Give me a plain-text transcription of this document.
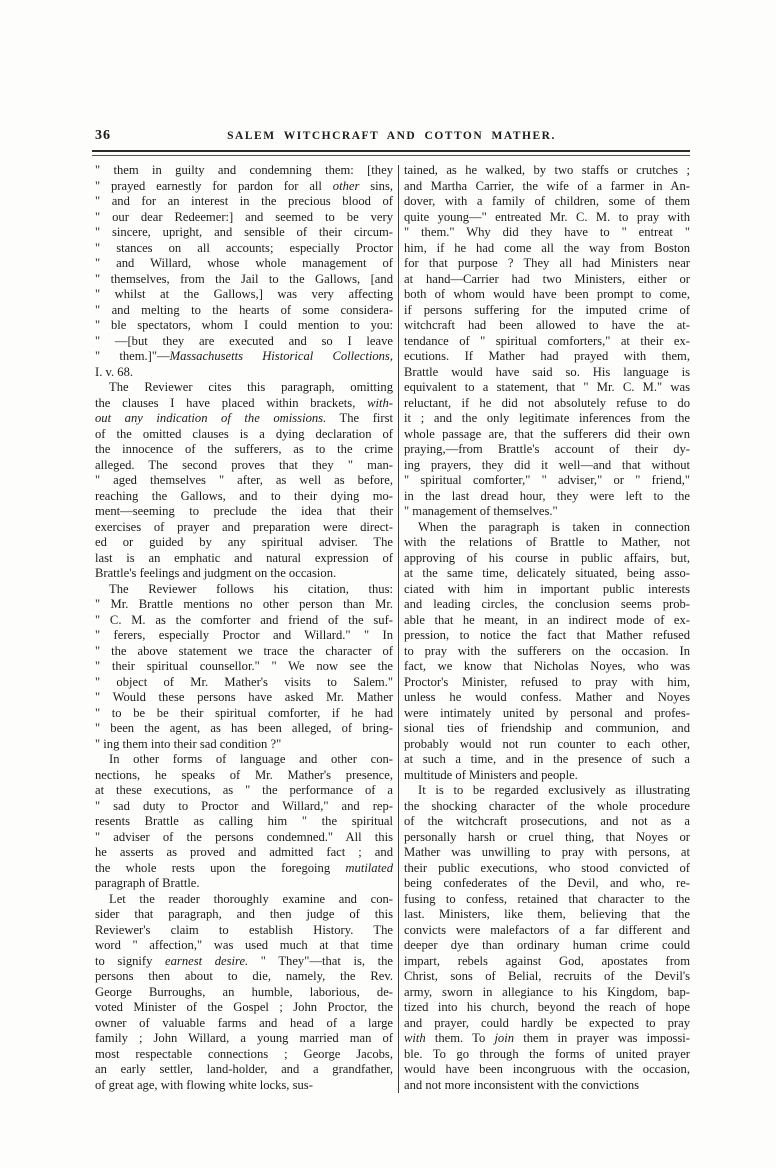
36	SALEM WITCHCRAFT AND COTTON MATHER.
" them in guilty and condemning them: [they
" prayed earnestly for pardon for all other sins,
" and for an interest in the precious blood of
" our dear Redeemer:] and seemed to be very
" sincere, upright, and sensible of their circum-
" stances on all accounts; especially Proctor
" and Willard, whose whole management of
" themselves, from the Jail to the Gallows, [and
" whilst at the Gallows,] was very affecting
" and melting to the hearts of some considera-
" ble spectators, whom I could mention to you:
" —[but they are executed and so I leave
" them.]"—Massachusetts Historical Collections,
I. v. 68.
The Reviewer cites this paragraph, omitting
the clauses I have placed within brackets, with-
out any indication of the omissions. The first
of the omitted clauses is a dying declaration of
the innocence of the sufferers, as to the crime
alleged. The second proves that they " man-
" aged themselves " after, as well as before,
reaching the Gallows, and to their dying mo-
ment—seeming to preclude the idea that their
exercises of prayer and preparation were direct-
ed or guided by any spiritual adviser. The
last is an emphatic and natural expression of
Brattle's feelings and judgment on the occasion.
The Reviewer follows his citation, thus:
" Mr. Brattle mentions no other person than Mr.
" C. M. as the comforter and friend of the suf-
" ferers, especially Proctor and Willard." " In
" the above statement we trace the character of
" their spiritual counsellor." " We now see the
" object of Mr. Mather's visits to Salem."
" Would these persons have asked Mr. Mather
" to be be their spiritual comforter, if he had
" been the agent, as has been alleged, of bring-
" ing them into their sad condition ?"
In other forms of language and other con-
nections, he speaks of Mr. Mather's presence,
at these executions, as " the performance of a
" sad duty to Proctor and Willard," and rep-
resents Brattle as calling him " the spiritual
" adviser of the persons condemned." All this
he asserts as proved and admitted fact ; and
the whole rests upon the foregoing mutilated
paragraph of Brattle.
Let the reader thoroughly examine and con-
sider that paragraph, and then judge of this
Reviewer's claim to establish History. The
word " affection," was used much at that time
to signify earnest desire. " They"—that is, the
persons then about to die, namely, the Rev.
George Burroughs, an humble, laborious, de-
voted Minister of the Gospel ; John Proctor, the
owner of valuable farms and head of a large
family ; John Willard, a young married man of
most respectable connections ; George Jacobs,
an early settler, land-holder, and a grandfather,
of great age, with flowing white locks, sus-
tained, as he walked, by two staffs or crutches ;
and Martha Carrier, the wife of a farmer in An-
dover, with a family of children, some of them
quite young—" entreated Mr. C. M. to pray with
" them." Why did they have to " entreat "
him, if he had come all the way from Boston
for that purpose ? They all had Ministers near
at hand—Carrier had two Ministers, either or
both of whom would have been prompt to come,
if persons suffering for the imputed crime of
witchcraft had been allowed to have the at-
tendance of " spiritual comforters," at their ex-
ecutions. If Mather had prayed with them,
Brattle would have said so. His language is
equivalent to a statement, that " Mr. C. M." was
reluctant, if he did not absolutely refuse to do
it ; and the only legitimate inferences from the
whole passage are, that the sufferers did their own
praying,—from Brattle's account of their dy-
ing prayers, they did it well—and that without
" spiritual comforter," " adviser," or " friend,"
in the last dread hour, they were left to the
" management of themselves."
When the paragraph is taken in connection
with the relations of Brattle to Mather, not
approving of his course in public affairs, but,
at the same time, delicately situated, being asso-
ciated with him in important public interests
and leading circles, the conclusion seems prob-
able that he meant, in an indirect mode of ex-
pression, to notice the fact that Mather refused
to pray with the sufferers on the occasion. In
fact, we know that Nicholas Noyes, who was
Proctor's Minister, refused to pray with him,
unless he would confess. Mather and Noyes
were intimately united by personal and profes-
sional ties of friendship and communion, and
probably would not run counter to each other,
at such a time, and in the presence of such a
multitude of Ministers and people.
It is to be regarded exclusively as illustrating
the shocking character of the whole procedure
of the witchcraft prosecutions, and not as a
personally harsh or cruel thing, that Noyes or
Mather was unwilling to pray with persons, at
their public executions, who stood convicted of
being confederates of the Devil, and who, re-
fusing to confess, retained that character to the
last. Ministers, like them, believing that the
convicts were malefactors of a far different and
deeper dye than ordinary human crime could
impart, rebels against God, apostates from
Christ, sons of Belial, recruits of the Devil's
army, sworn in allegiance to his Kingdom, bap-
tized into his church, beyond the reach of hope
and prayer, could hardly be expected to pray
with them. To join them in prayer was impossi-
ble. To go through the forms of united prayer
would have been incongruous with the occasion,
and not more inconsistent with the convictions
